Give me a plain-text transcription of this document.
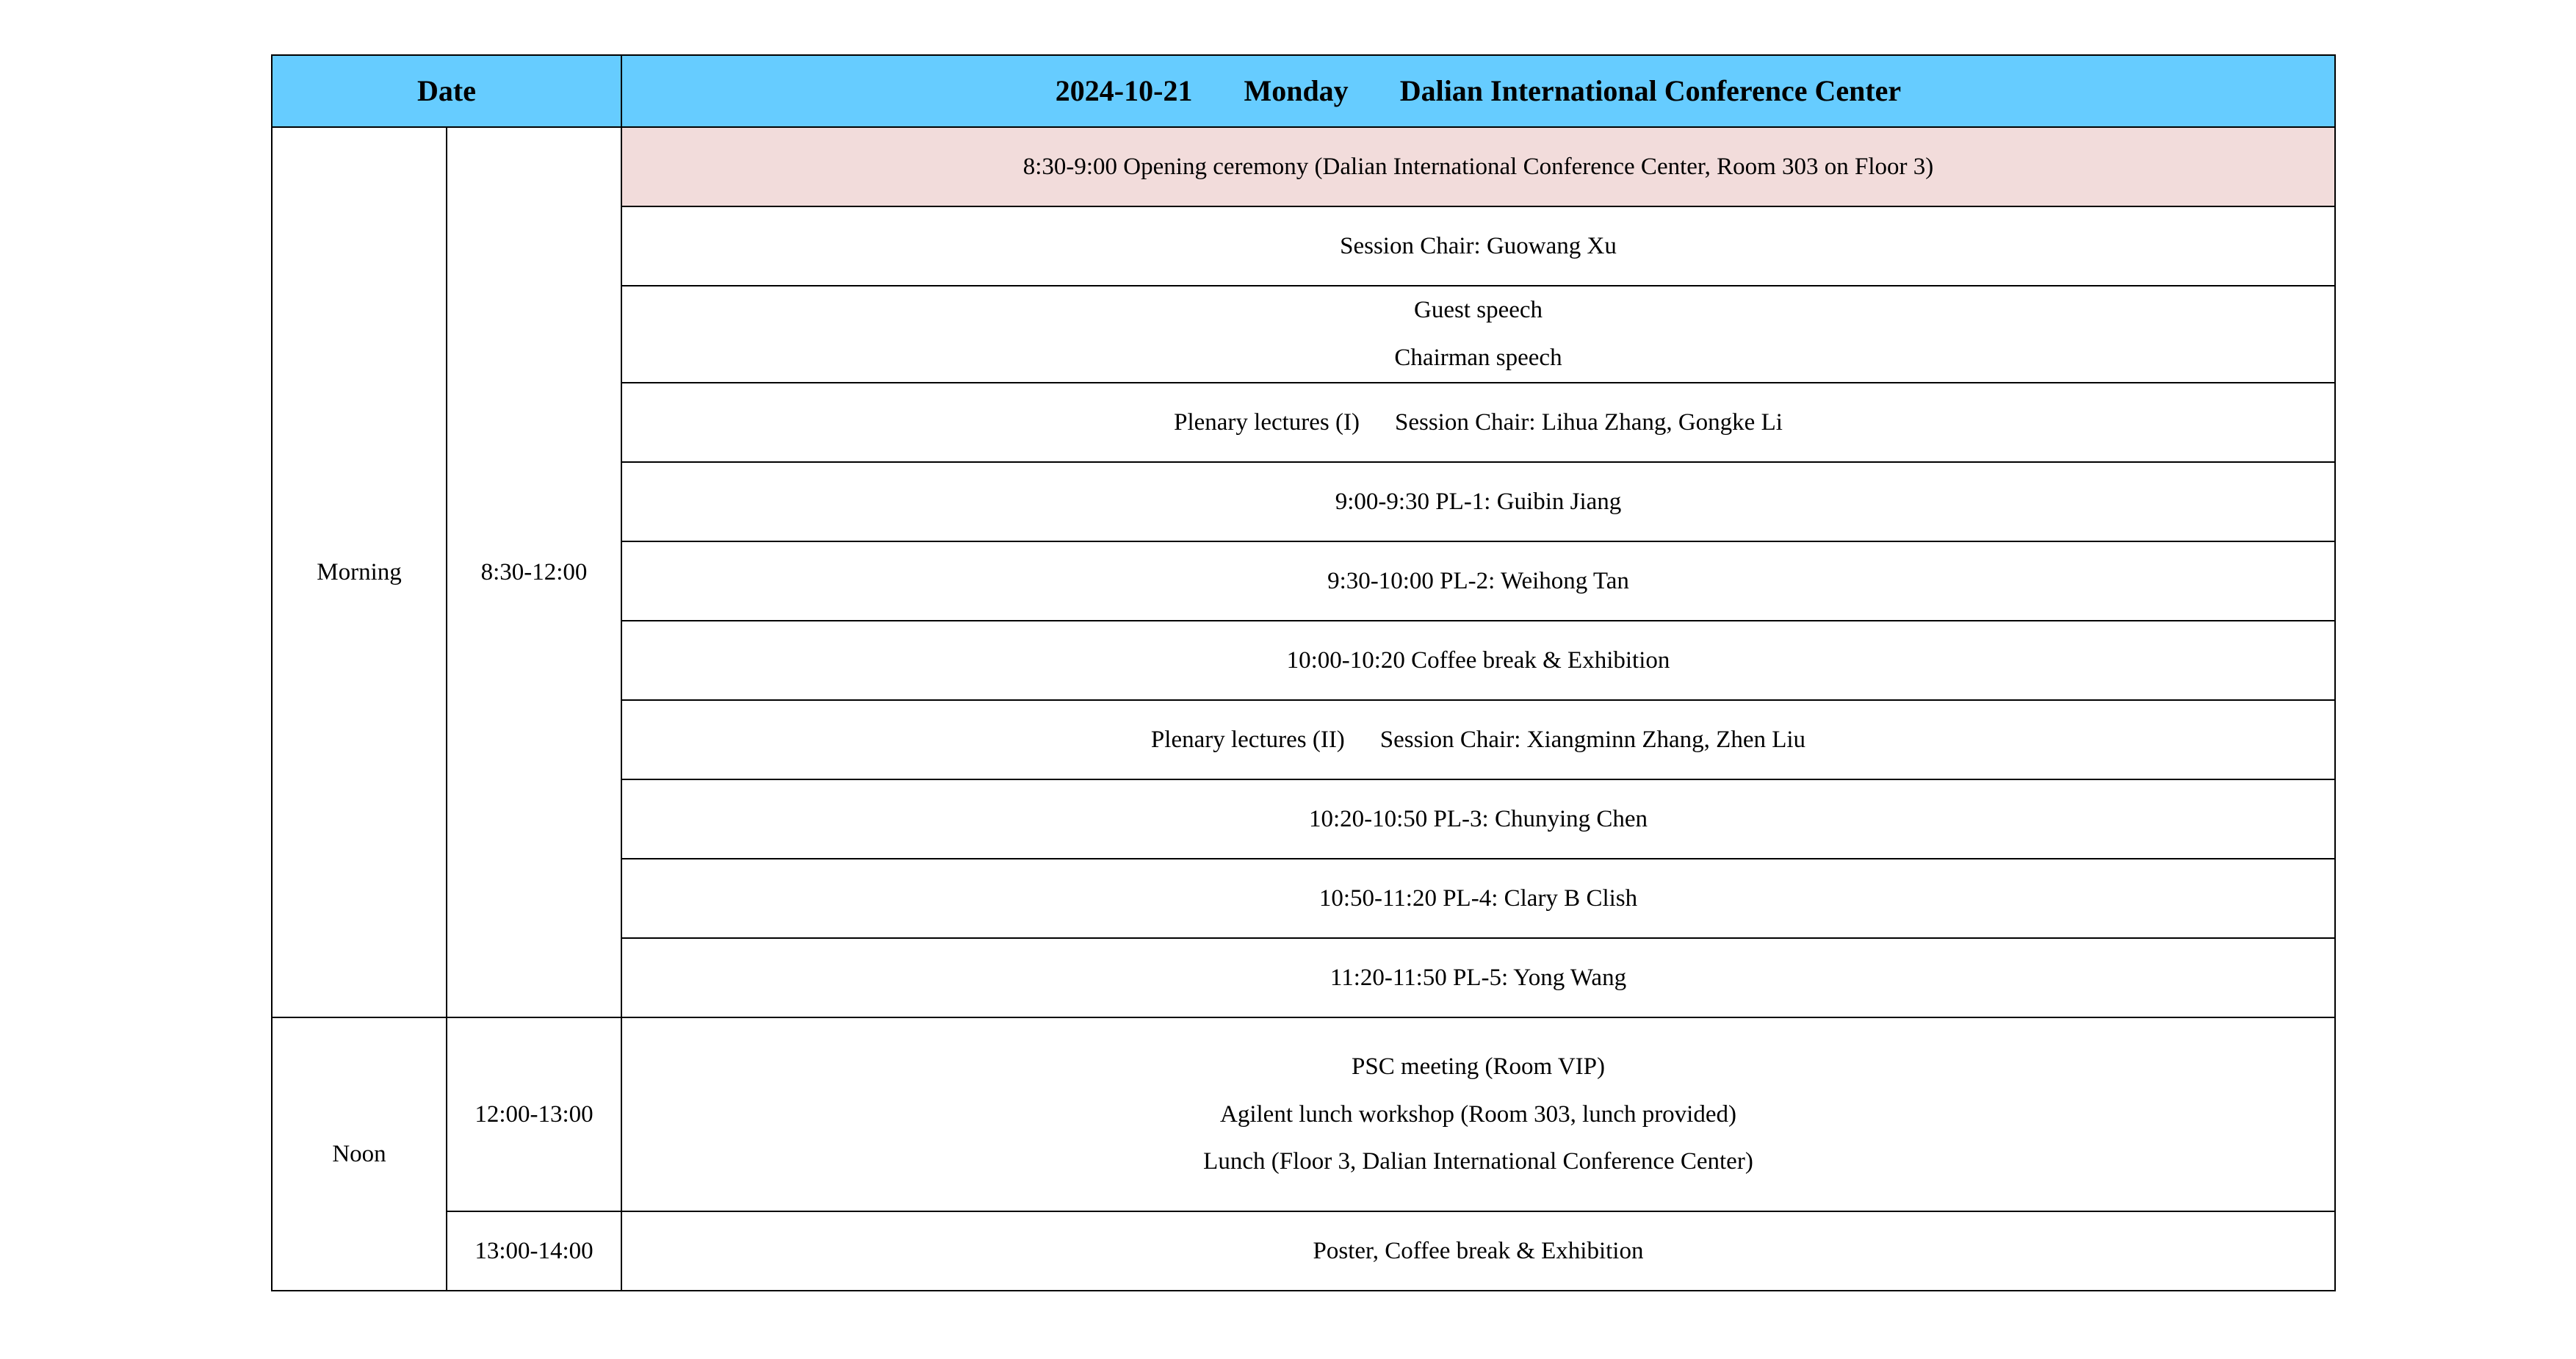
Date		2024-10-21 Monday Dalian International Conference Center
Morning	8:30-12:00	8:30-9:00 Opening ceremony (Dalian International Conference Center, Room 303 on Floor 3)
		Session Chair: Guowang Xu

		Guest speech
Chairman speech

		Plenary lectures (I) Session Chair: Lihua Zhang, Gongke Li
		9:00-9:30 PL-1: Guibin Jiang
		9:30-10:00 PL-2: Weihong Tan
		10:00-10:20 Coffee break & Exhibition
		Plenary lectures (II) Session Chair: Xiangminn Zhang, Zhen Liu
		10:20-10:50 PL-3: Chunying Chen
		10:50-11:20 PL-4: Clary B Clish
		11:20-11:50 PL-5: Yong Wang
Noon	12:00-13:00	PSC meeting (Room VIP)
Agilent lunch workshop (Room 303, lunch provided)
Lunch (Floor 3, Dalian International Conference Center)

	13:00-14:00	Poster, Coffee break & Exhibition
